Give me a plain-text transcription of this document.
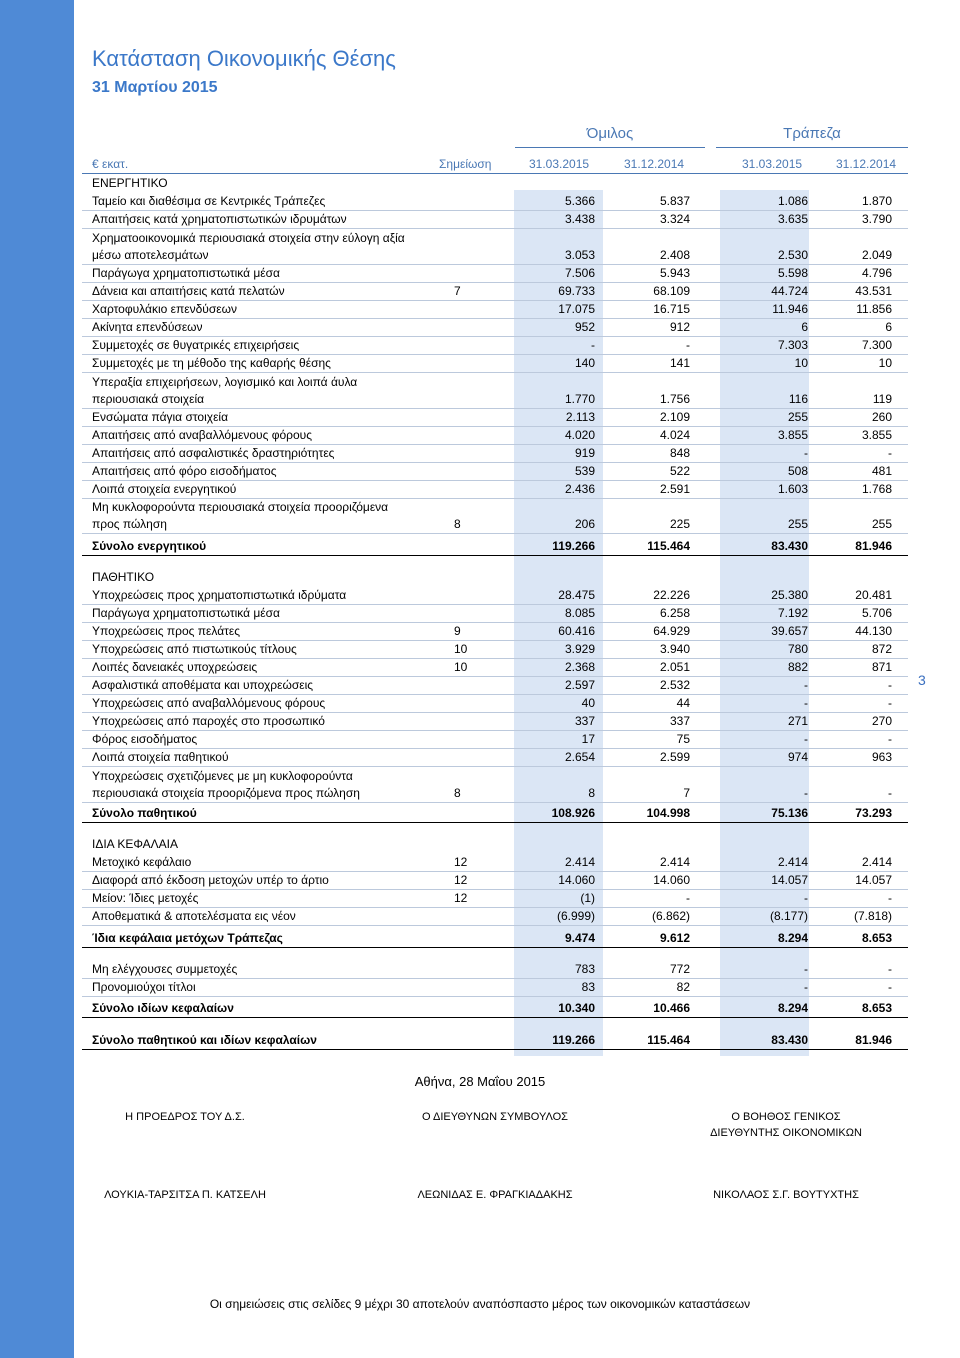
3
Κατάσταση Οικονομικής Θέσης
31 Μαρτίου 2015
Όμιλος	Τράπεζα
€ εκατ.	Σημείωση	31.03.2015	31.12.2014	31.03.2015	31.12.2014
ΕΝΕΡΓΗΤΙΚΟ
Ταμείο και διαθέσιμα σε Κεντρικές Τράπεζες	5.366	5.837	1.086	1.870
Απαιτήσεις κατά χρηματοπιστωτικών ιδρυμάτων	3.438	3.324	3.635	3.790
Χρηματοοικονομικά περιουσιακά στοιχεία στην εύλογη αξία
μέσω αποτελεσμάτων	3.053	2.408	2.530	2.049
Παράγωγα χρηματοπιστωτικά μέσα	7.506	5.943	5.598	4.796
Δάνεια και απαιτήσεις κατά πελατών	7	69.733	68.109	44.724	43.531
Χαρτοφυλάκιο επενδύσεων	17.075	16.715	11.946	11.856
Ακίνητα επενδύσεων	952	912	6	6
Συμμετοχές σε θυγατρικές επιχειρήσεις	-	-	7.303	7.300
Συμμετοχές με τη μέθοδο της καθαρής θέσης	140	141	10	10
Υπεραξία επιχειρήσεων, λογισμικό και λοιπά άυλα
περιουσιακά στοιχεία	1.770	1.756	116	119
Ενσώματα πάγια στοιχεία	2.113	2.109	255	260
Απαιτήσεις από αναβαλλόμενους φόρους	4.020	4.024	3.855	3.855
Απαιτήσεις από ασφαλιστικές δραστηριότητες	919	848	-	-
Απαιτήσεις από φόρο εισοδήματος	539	522	508	481
Λοιπά στοιχεία ενεργητικού	2.436	2.591	1.603	1.768
Μη κυκλοφορούντα περιουσιακά στοιχεία προοριζόμενα
προς πώληση	8	206	225	255	255
Σύνολο ενεργητικού	119.266	115.464	83.430	81.946
ΠΑΘΗΤΙΚΟ
Υποχρεώσεις προς χρηματοπιστωτικά ιδρύματα	28.475	22.226	25.380	20.481
Παράγωγα χρηματοπιστωτικά μέσα	8.085	6.258	7.192	5.706
Υποχρεώσεις προς πελάτες	9	60.416	64.929	39.657	44.130
Υποχρεώσεις από πιστωτικούς τίτλους	10	3.929	3.940	780	872
Λοιπές δανειακές υποχρεώσεις	10	2.368	2.051	882	871
Ασφαλιστικά αποθέματα και υποχρεώσεις	2.597	2.532	-	-
Υποχρεώσεις από αναβαλλόμενους φόρους	40	44	-	-
Υποχρεώσεις από παροχές στο προσωπικό	337	337	271	270
Φόρος εισοδήματος	17	75	-	-
Λοιπά στοιχεία παθητικού	2.654	2.599	974	963
Υποχρεώσεις σχετιζόμενες με μη κυκλοφορούντα
περιουσιακά στοιχεία προοριζόμενα προς πώληση	8	8	7	-	-
Σύνολο παθητικού	108.926	104.998	75.136	73.293
ΙΔΙΑ ΚΕΦΑΛΑΙΑ
Μετοχικό κεφάλαιο	12	2.414	2.414	2.414	2.414
Διαφορά από έκδοση μετοχών υπέρ το άρτιο	12	14.060	14.060	14.057	14.057
Μείον: Ίδιες μετοχές	12	(1)	-	-	-
Αποθεματικά & αποτελέσματα εις νέον	(6.999)	(6.862)	(8.177)	(7.818)
Ίδια κεφάλαια μετόχων Τράπεζας	9.474	9.612	8.294	8.653
Μη ελέγχουσες συμμετοχές	783	772	-	-
Προνομιούχοι τίτλοι	83	82	-	-
Σύνολο ιδίων κεφαλαίων	10.340	10.466	8.294	8.653
Σύνολο παθητικού και ιδίων κεφαλαίων	119.266	115.464	83.430	81.946
Αθήνα, 28 Μαΐου 2015
Η ΠΡΟΕΔΡΟΣ ΤΟΥ Δ.Σ.	Ο ΔΙΕΥΘΥΝΩΝ ΣΥΜΒΟΥΛΟΣ	Ο ΒΟΗΘΟΣ ΓΕΝΙΚΟΣ
ΔΙΕΥΘΥΝΤΗΣ ΟΙΚΟΝΟΜΙΚΩΝ
ΛΟΥΚΙΑ-ΤΑΡΣΙΤΣΑ Π. ΚΑΤΣΕΛΗ	ΛΕΩΝΙΔΑΣ Ε. ΦΡΑΓΚΙΑΔΑΚΗΣ	ΝΙΚΟΛΑΟΣ Σ.Γ. ΒΟΥΤΥΧΤΗΣ
Οι σημειώσεις στις σελίδες 9 μέχρι 30 αποτελούν αναπόσπαστο μέρος των οικονομικών καταστάσεων
